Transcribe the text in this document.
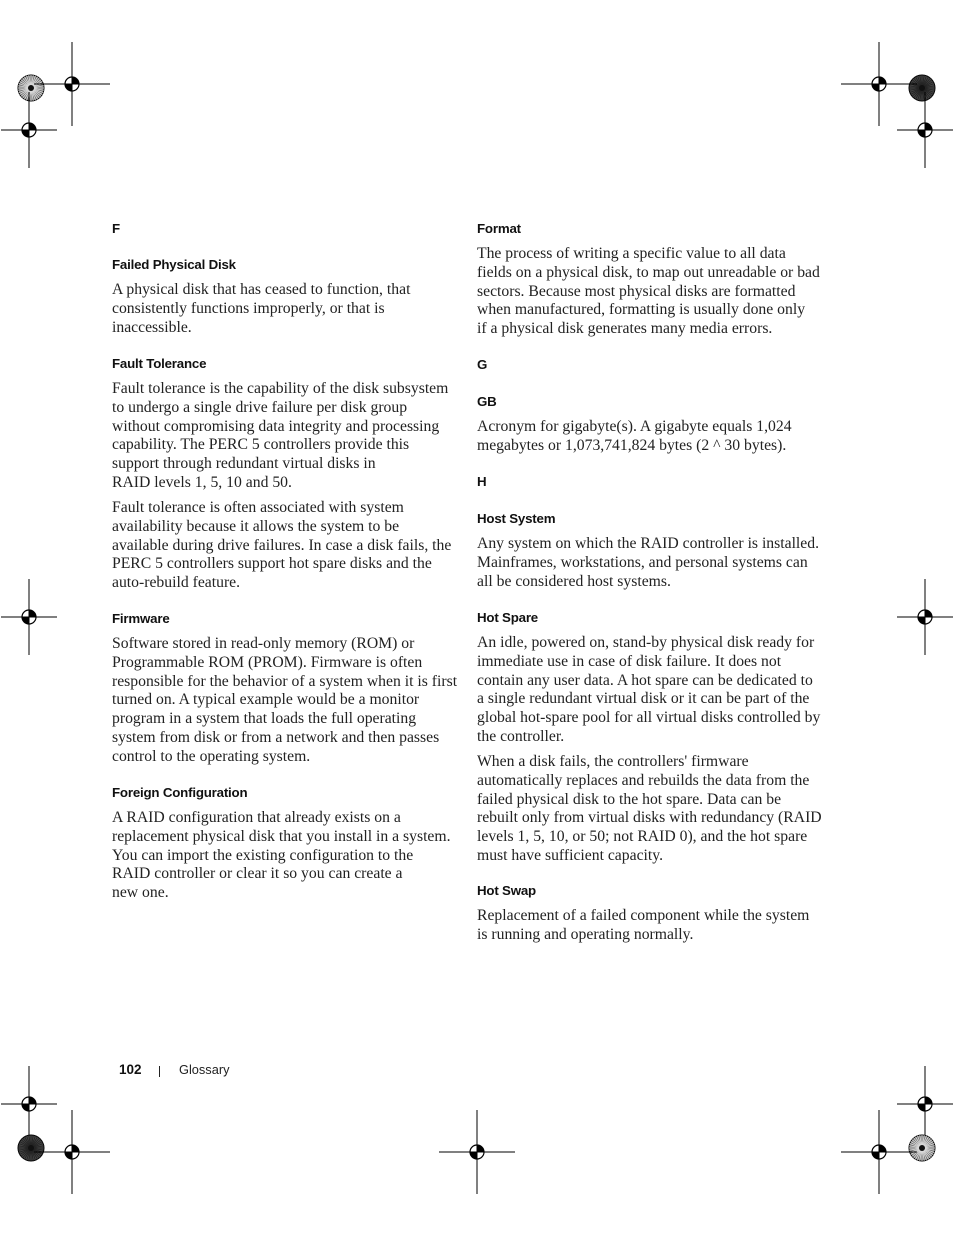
F
Failed Physical Disk
A physical disk that has ceased to function, that
consistently functions improperly, or that is
inaccessible.
Fault Tolerance
Fault tolerance is the capability of the disk subsystem
to undergo a single drive failure per disk group
without compromising data integrity and processing
capability. The PERC 5 controllers provide this
support through redundant virtual disks in
RAID levels 1, 5, 10 and 50.
Fault tolerance is often associated with system
availability because it allows the system to be
available during drive failures. In case a disk fails, the
PERC 5 controllers support hot spare disks and the
auto-rebuild feature.
Firmware
Software stored in read-only memory (ROM) or
Programmable ROM (PROM). Firmware is often
responsible for the behavior of a system when it is first
turned on. A typical example would be a monitor
program in a system that loads the full operating
system from disk or from a network and then passes
control to the operating system.
Foreign Configuration
A RAID configuration that already exists on a
replacement physical disk that you install in a system.
You can import the existing configuration to the
RAID controller or clear it so you can create a
new one.
Format
The process of writing a specific value to all data
fields on a physical disk, to map out unreadable or bad
sectors. Because most physical disks are formatted
when manufactured, formatting is usually done only
if a physical disk generates many media errors.
G
GB
Acronym for gigabyte(s). A gigabyte equals 1,024
megabytes or 1,073,741,824 bytes (2 ^ 30 bytes).
H
Host System
Any system on which the RAID controller is installed.
Mainframes, workstations, and personal systems can
all be considered host systems.
Hot Spare
An idle, powered on, stand-by physical disk ready for
immediate use in case of disk failure. It does not
contain any user data. A hot spare can be dedicated to
a single redundant virtual disk or it can be part of the
global hot-spare pool for all virtual disks controlled by
the controller.
When a disk fails, the controllers' firmware
automatically replaces and rebuilds the data from the
failed physical disk to the hot spare. Data can be
rebuilt only from virtual disks with redundancy (RAID
levels 1, 5, 10, or 50; not RAID 0), and the hot spare
must have sufficient capacity.
Hot Swap
Replacement of a failed component while the system
is running and operating normally.
102	Glossary
